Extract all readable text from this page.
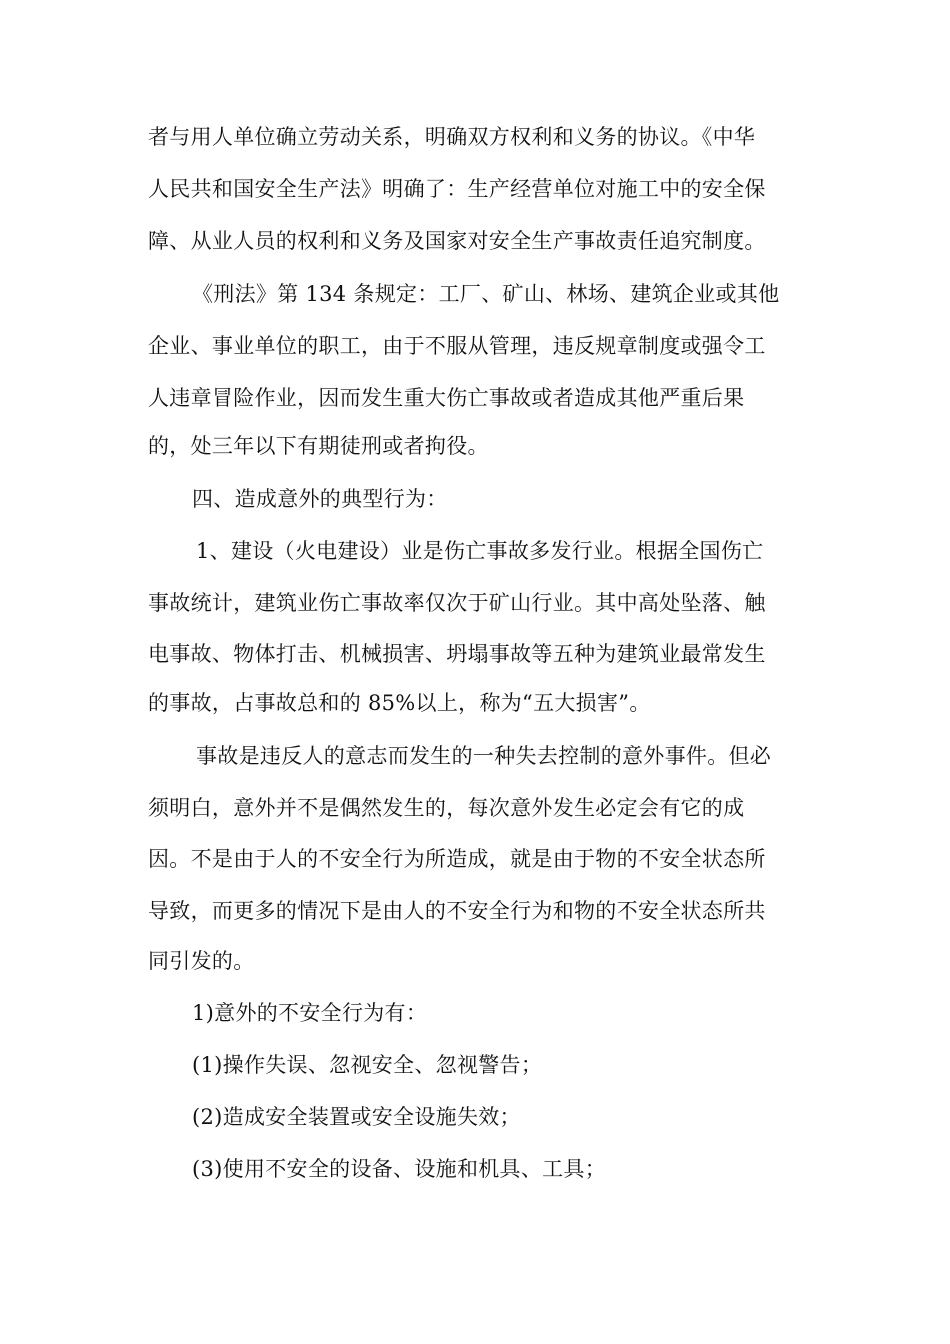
者与用人单位确立劳动关系，明确双方权利和义务的协议。《中华
人民共和国安全生产法》明确了：生产经营单位对施工中的安全保
障、从业人员的权利和义务及国家对安全生产事故责任追究制度。
《刑法》第 134 条规定：工厂、矿山、林场、建筑企业或其他
企业、事业单位的职工，由于不服从管理，违反规章制度或强令工
人违章冒险作业，因而发生重大伤亡事故或者造成其他严重后果
的，处三年以下有期徒刑或者拘役。
四、造成意外的典型行为：
1、建设（火电建设）业是伤亡事故多发行业。根据全国伤亡
事故统计，建筑业伤亡事故率仅次于矿山行业。其中高处坠落、触
电事故、物体打击、机械损害、坍塌事故等五种为建筑业最常发生
的事故，占事故总和的 85%以上，称为“五大损害”。
事故是违反人的意志而发生的一种失去控制的意外事件。但必
须明白，意外并不是偶然发生的，每次意外发生必定会有它的成
因。不是由于人的不安全行为所造成，就是由于物的不安全状态所
导致，而更多的情况下是由人的不安全行为和物的不安全状态所共
同引发的。
1)意外的不安全行为有：
(1)操作失误、忽视安全、忽视警告；
(2)造成安全装置或安全设施失效；
(3)使用不安全的设备、设施和机具、工具；
